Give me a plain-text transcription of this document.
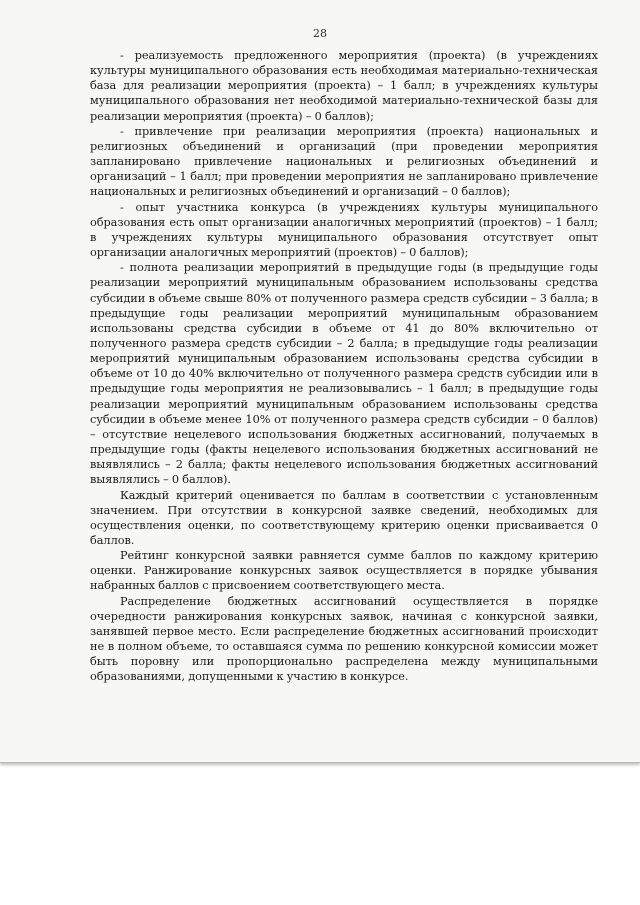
28

- реализуемость предложенного мероприятия (проекта) (в учреждениях культуры муниципального образования есть необходимая материально-техническая база для реализации мероприятия (проекта) – 1 балл; в учреждениях культуры муниципального образования нет необходимой материально-технической базы для реализации мероприятия (проекта) – 0 баллов);

- привлечение при реализации мероприятия (проекта) национальных и религиозных объединений и организаций (при проведении мероприятия запланировано привлечение национальных и религиозных объединений и организаций – 1 балл; при проведении мероприятия не запланировано привлечение национальных и религиозных объединений и организаций – 0 баллов);

- опыт участника конкурса (в учреждениях культуры муниципального образования есть опыт организации аналогичных мероприятий (проектов) – 1 балл; в учреждениях культуры муниципального образования отсутствует опыт организации аналогичных мероприятий (проектов) – 0 баллов);

- полнота реализации мероприятий в предыдущие годы (в предыдущие годы реализации мероприятий муниципальным образованием использованы средства субсидии в объеме свыше 80% от полученного размера средств субсидии – 3 балла; в предыдущие годы реализации мероприятий муниципальным образованием использованы средства субсидии в объеме от 41 до 80% включительно от полученного размера средств субсидии – 2 балла; в предыдущие годы реализации мероприятий муниципальным образованием использованы средства субсидии в объеме от 10 до 40% включительно от полученного размера средств субсидии или в предыдущие годы мероприятия не реализовывались – 1 балл; в предыдущие годы реализации мероприятий муниципальным образованием использованы средства субсидии в объеме менее 10% от полученного размера средств субсидии – 0 баллов) – отсутствие нецелевого использования бюджетных ассигнований, получаемых в предыдущие годы (факты нецелевого использования бюджетных ассигнований не выявлялись – 2 балла; факты нецелевого использования бюджетных ассигнований выявлялись – 0 баллов).

Каждый критерий оценивается по баллам в соответствии с установленным значением. При отсутствии в конкурсной заявке сведений, необходимых для осуществления оценки, по соответствующему критерию оценки присваивается 0 баллов.

Рейтинг конкурсной заявки равняется сумме баллов по каждому критерию оценки. Ранжирование конкурсных заявок осуществляется в порядке убывания набранных баллов с присвоением соответствующего места.

Распределение бюджетных ассигнований осуществляется в порядке очередности ранжирования конкурсных заявок, начиная с конкурсной заявки, занявшей первое место. Если распределение бюджетных ассигнований происходит не в полном объеме, то оставшаяся сумма по решению конкурсной комиссии может быть поровну или пропорционально распределена между муниципальными образованиями, допущенными к участию в конкурсе.
